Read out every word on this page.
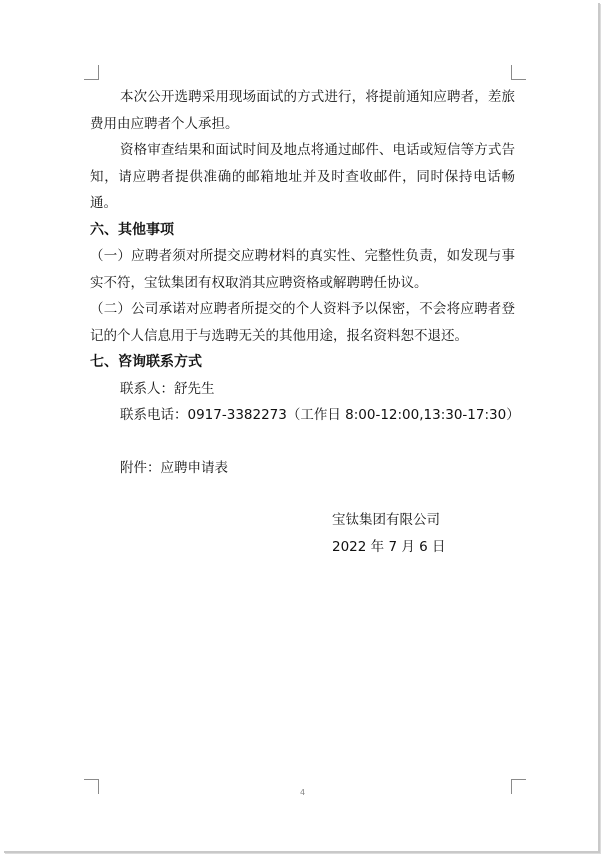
本次公开选聘采用现场面试的方式进行，将提前通知应聘者，差旅费用由应聘者个人承担。

资格审查结果和面试时间及地点将通过邮件、电话或短信等方式告知，请应聘者提供准确的邮箱地址并及时查收邮件，同时保持电话畅通。

六、其他事项

（一）应聘者须对所提交应聘材料的真实性、完整性负责，如发现与事实不符，宝钛集团有权取消其应聘资格或解聘聘任协议。

（二）公司承诺对应聘者所提交的个人资料予以保密，不会将应聘者登记的个人信息用于与选聘无关的其他用途，报名资料恕不退还。

七、咨询联系方式

联系人：舒先生

联系电话：0917-3382273（工作日 8:00-12:00,13:30-17:30）

附件：应聘申请表

宝钛集团有限公司

2022 年 7 月 6 日

4
